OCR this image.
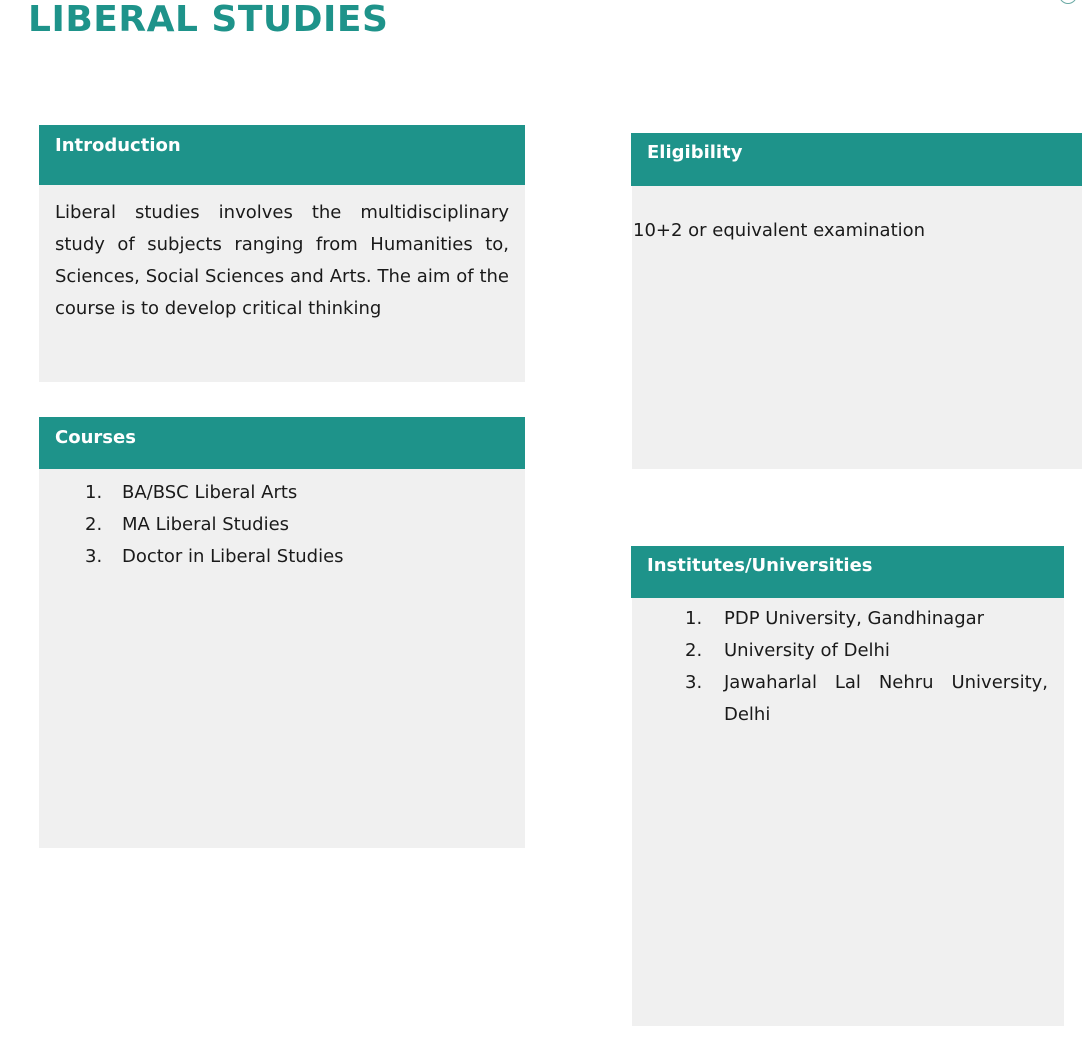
LIBERAL STUDIES
Introduction
Liberal studies involves the multidisciplinary study of subjects ranging from Humanities to, Sciences, Social Sciences and Arts. The aim of the course is to develop critical thinking
Courses
1. BA/BSC Liberal Arts
2. MA Liberal Studies
3. Doctor in Liberal Studies
Eligibility
10+2 or equivalent examination
Institutes/Universities
1. PDP University, Gandhinagar
2. University of Delhi
3. Jawaharlal Lal Nehru University, Delhi
